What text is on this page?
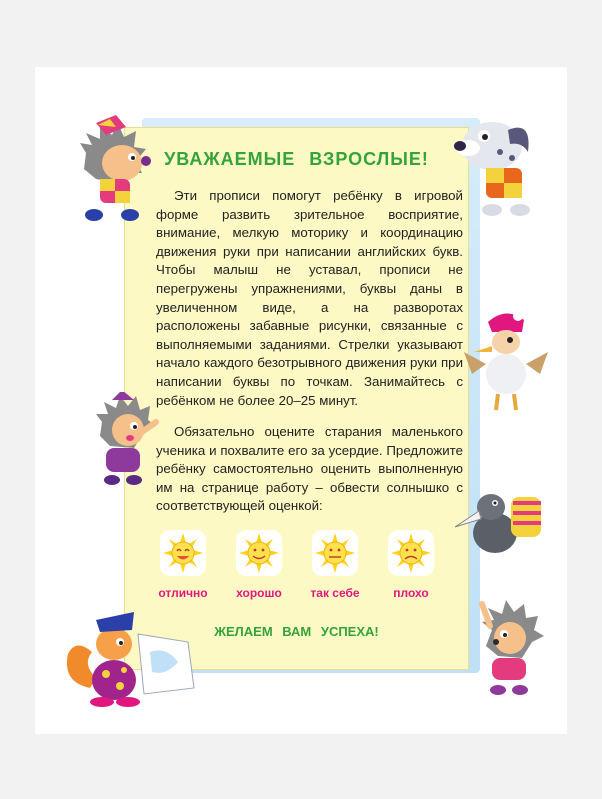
УВАЖАЕМЫЕ ВЗРОСЛЫЕ!

Эти прописи помогут ребёнку в игровой форме развить зрительное восприятие, внимание, мелкую моторику и координацию движения руки при написании английских букв. Чтобы малыш не уставал, прописи не перегружены упражнениями, буквы даны в увеличенном виде, а на разворотах расположены забавные рисунки, связанные с выполняемыми заданиями. Стрелки указывают начало каждого безотрывного движения руки при написании буквы по точкам. Занимайтесь с ребёнком не более 20–25 минут.

Обязательно оцените старания маленького ученика и похвалите его за усердие. Предложите ребёнку самостоятельно оценить выполненную им на странице работу – обвести солнышко с соответствующей оценкой:

отлично	хорошо	так себе	плохо

ЖЕЛАЕМ ВАМ УСПЕХА!
